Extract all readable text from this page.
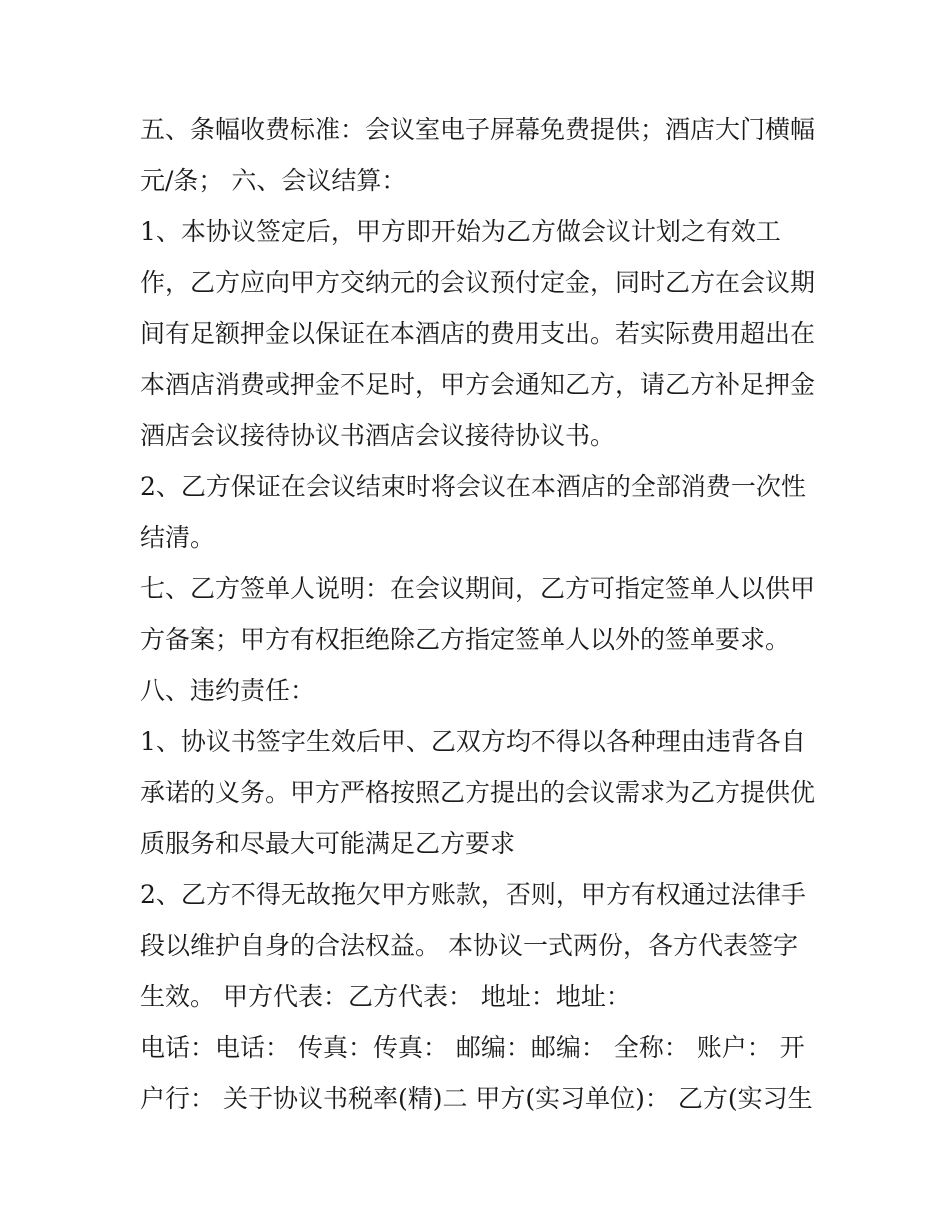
五、条幅收费标准：会议室电子屏幕免费提供；酒店大门横幅
元/条； 六、会议结算：
1、本协议签定后，甲方即开始为乙方做会议计划之有效工
作，乙方应向甲方交纳元的会议预付定金，同时乙方在会议期
间有足额押金以保证在本酒店的费用支出。若实际费用超出在
本酒店消费或押金不足时，甲方会通知乙方，请乙方补足押金
酒店会议接待协议书酒店会议接待协议书。
2、乙方保证在会议结束时将会议在本酒店的全部消费一次性
结清。
七、乙方签单人说明：在会议期间，乙方可指定签单人以供甲
方备案；甲方有权拒绝除乙方指定签单人以外的签单要求。
八、违约责任：
1、协议书签字生效后甲、乙双方均不得以各种理由违背各自
承诺的义务。甲方严格按照乙方提出的会议需求为乙方提供优
质服务和尽最大可能满足乙方要求
2、乙方不得无故拖欠甲方账款，否则，甲方有权通过法律手
段以维护自身的合法权益。 本协议一式两份，各方代表签字
生效。 甲方代表：乙方代表： 地址：地址：
电话：电话： 传真：传真： 邮编：邮编： 全称： 账户： 开
户行： 关于协议书税率(精)二 甲方(实习单位)： 乙方(实习生
